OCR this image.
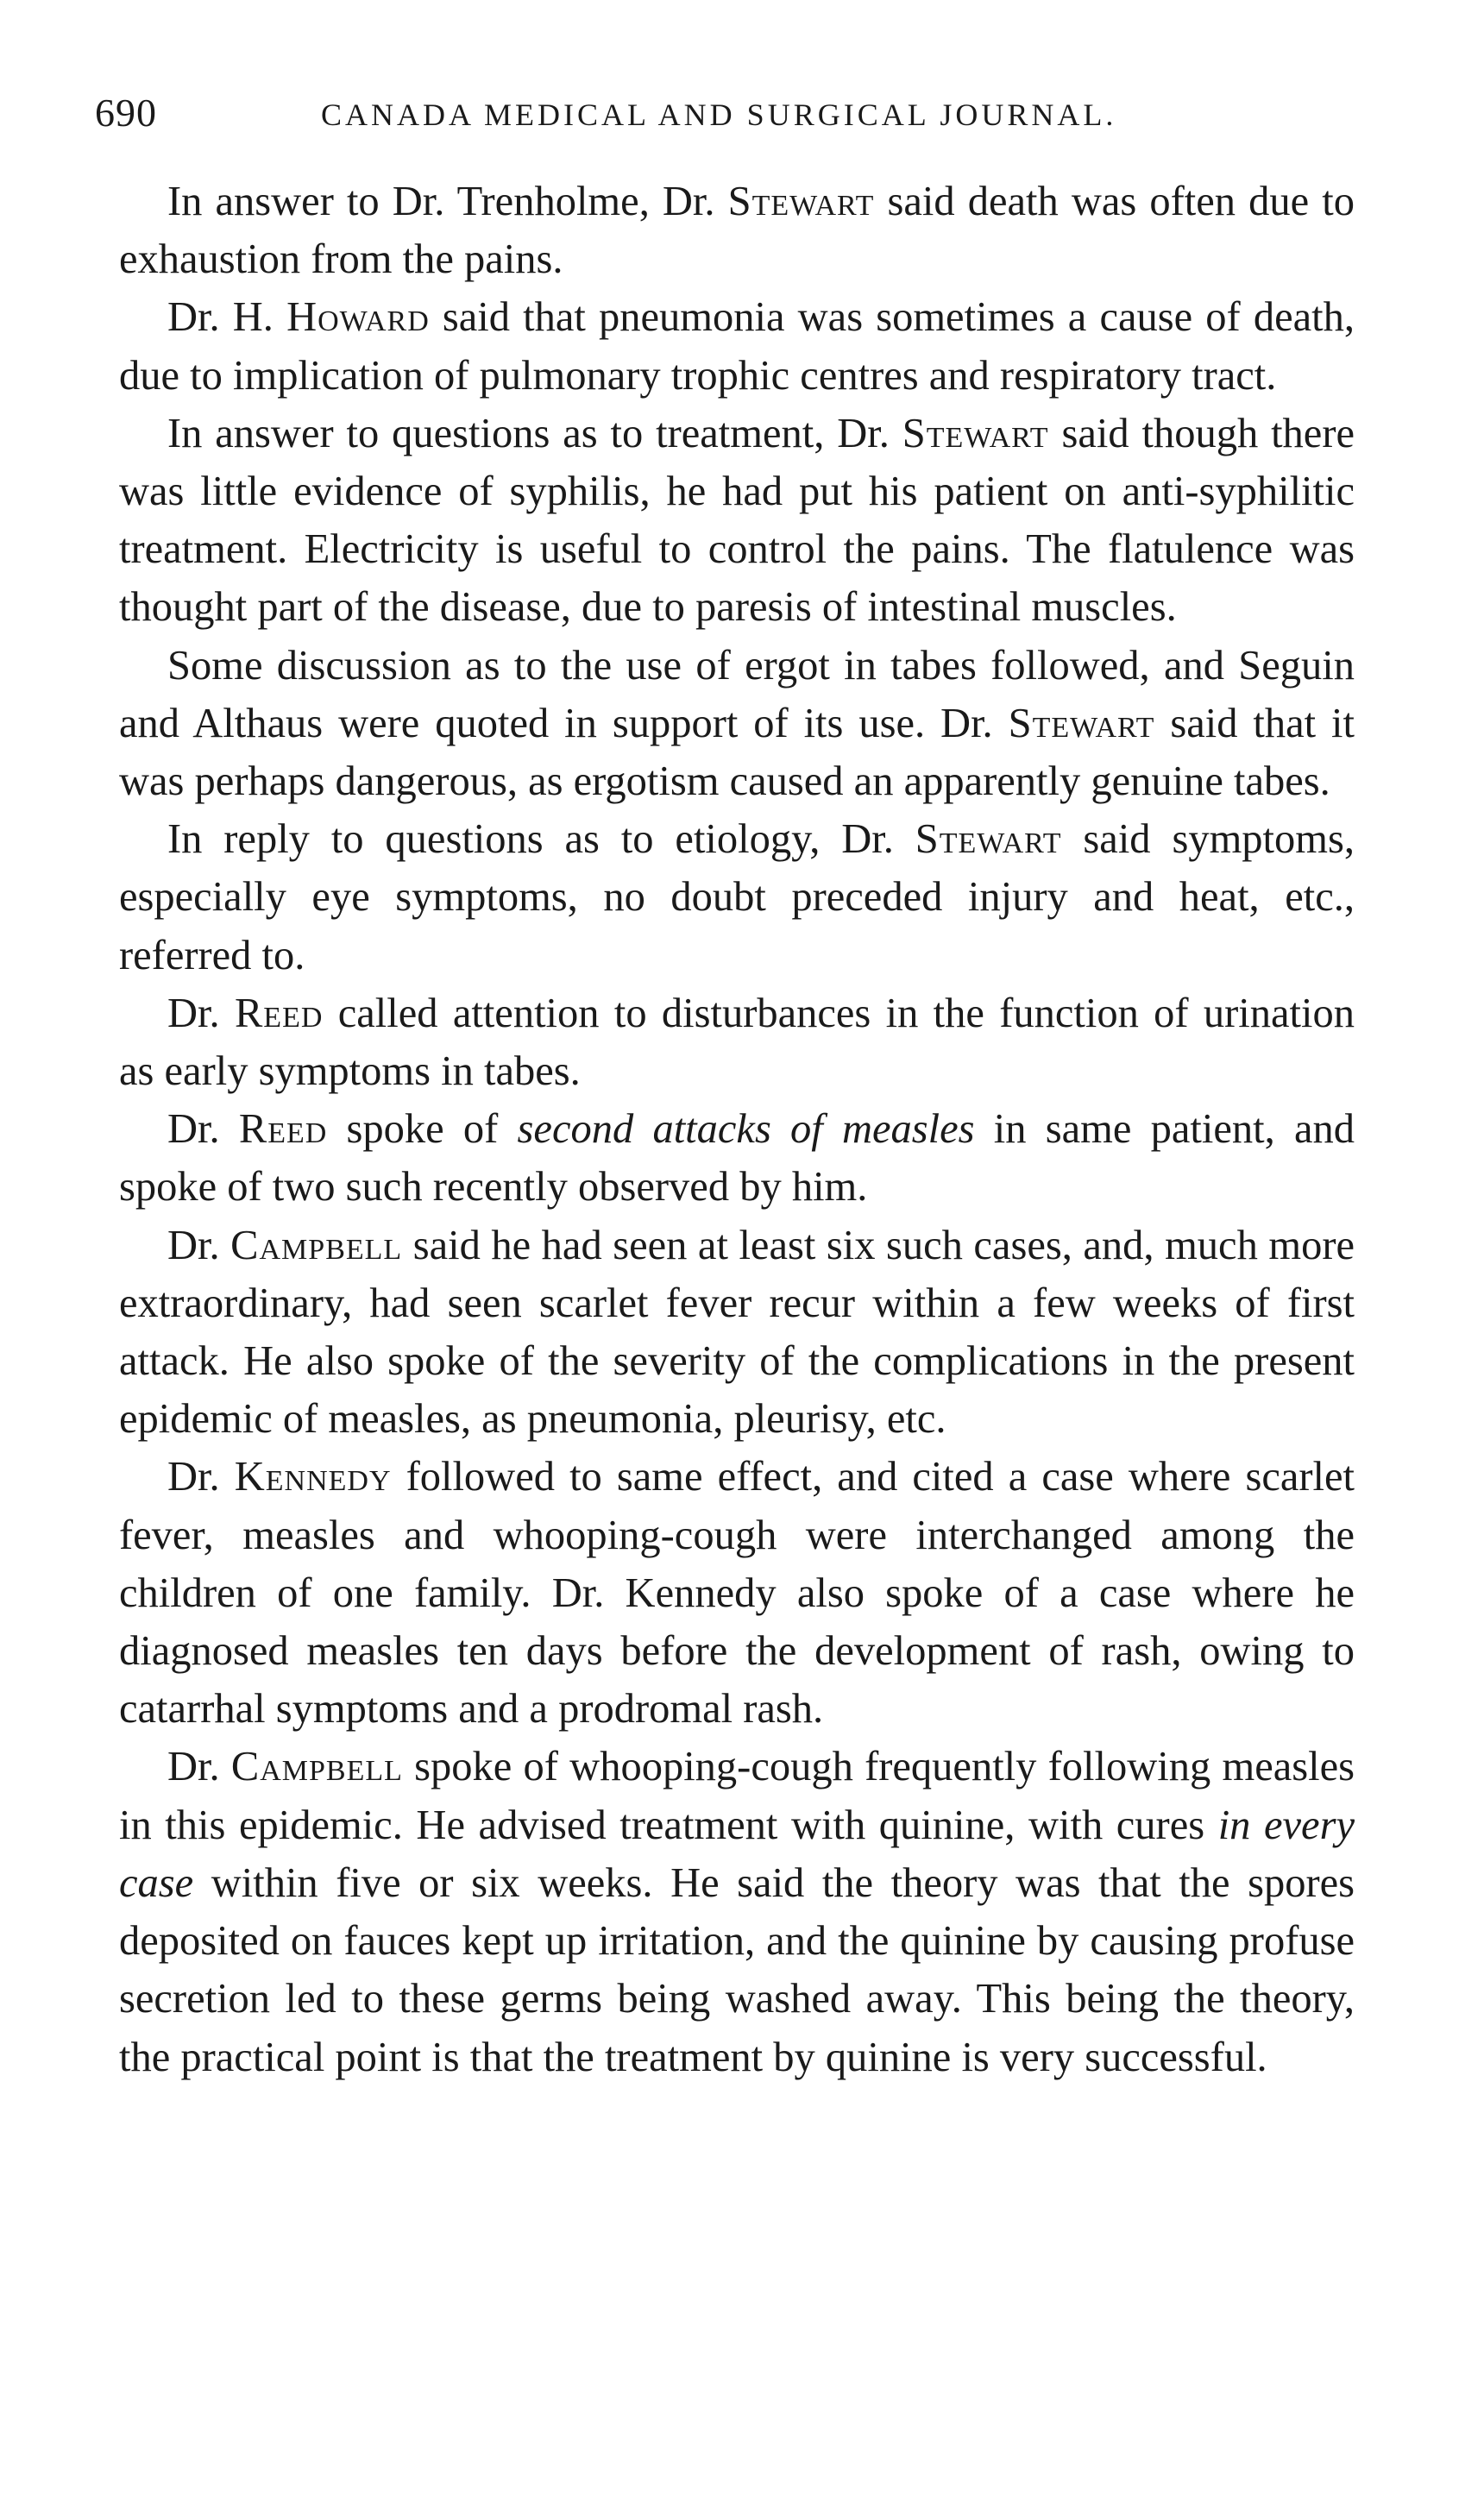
690	CANADA MEDICAL AND SURGICAL JOURNAL.

In answer to Dr. Trenholme, Dr. Stewart said death was often due to exhaustion from the pains.

Dr. H. Howard said that pneumonia was sometimes a cause of death, due to implication of pulmonary trophic centres and respiratory tract.

In answer to questions as to treatment, Dr. Stewart said though there was little evidence of syphilis, he had put his patient on anti-syphilitic treatment. Electricity is useful to control the pains. The flatulence was thought part of the disease, due to paresis of intestinal muscles.

Some discussion as to the use of ergot in tabes followed, and Seguin and Althaus were quoted in support of its use. Dr. Stewart said that it was perhaps dangerous, as ergotism caused an apparently genuine tabes.

In reply to questions as to etiology, Dr. Stewart said symptoms, especially eye symptoms, no doubt preceded injury and heat, etc., referred to.

Dr. Reed called attention to disturbances in the function of urination as early symptoms in tabes.

Dr. Reed spoke of second attacks of measles in same patient, and spoke of two such recently observed by him.

Dr. Campbell said he had seen at least six such cases, and, much more extraordinary, had seen scarlet fever recur within a few weeks of first attack. He also spoke of the severity of the complications in the present epidemic of measles, as pneumonia, pleurisy, etc.

Dr. Kennedy followed to same effect, and cited a case where scarlet fever, measles and whooping-cough were interchanged among the children of one family. Dr. Kennedy also spoke of a case where he diagnosed measles ten days before the development of rash, owing to catarrhal symptoms and a prodromal rash.

Dr. Campbell spoke of whooping-cough frequently following measles in this epidemic. He advised treatment with quinine, with cures in every case within five or six weeks. He said the theory was that the spores deposited on fauces kept up irritation, and the quinine by causing profuse secretion led to these germs being washed away. This being the theory, the practical point is that the treatment by quinine is very successful.
